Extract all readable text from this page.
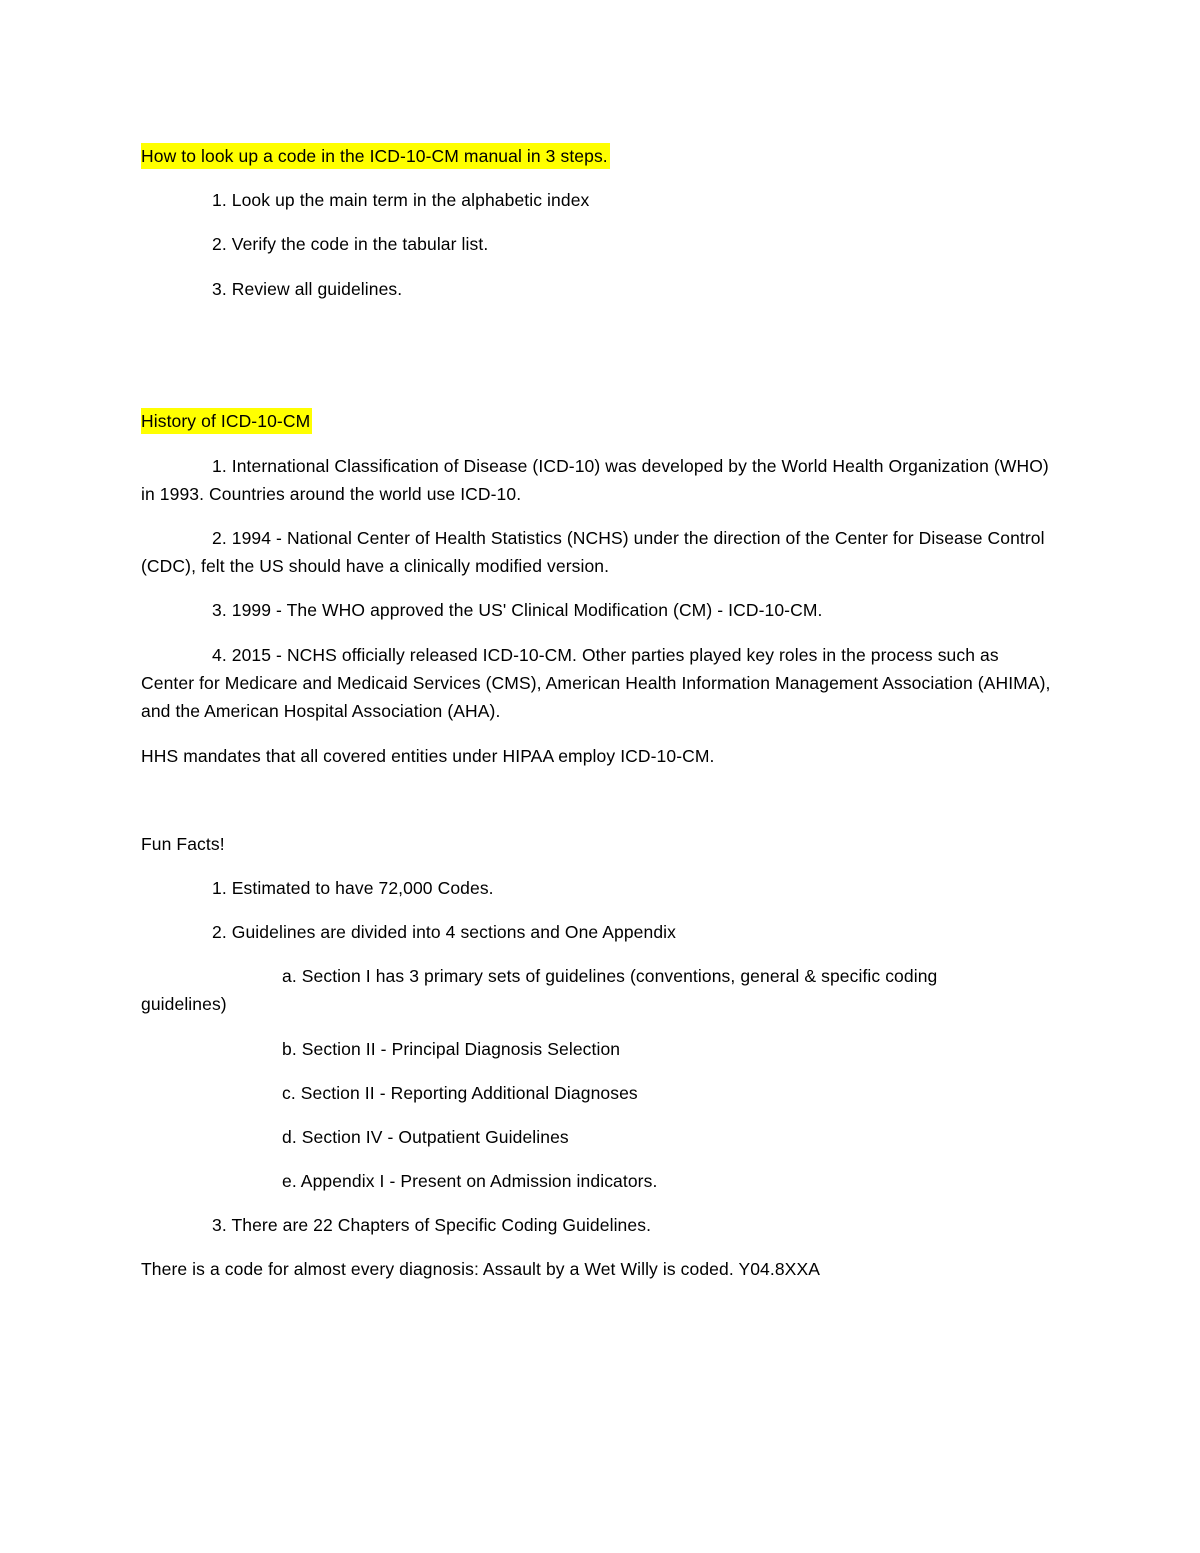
How to look up a code in the ICD-10-CM manual in 3 steps.
1. Look up the main term in the alphabetic index
2. Verify the code in the tabular list.
3. Review all guidelines.
History of ICD-10-CM
1. International Classification of Disease (ICD-10) was developed by the World Health Organization (WHO) in 1993. Countries around the world use ICD-10.
2. 1994 - National Center of Health Statistics (NCHS) under the direction of the Center for Disease Control (CDC), felt the US should have a clinically modified version.
3. 1999 - The WHO approved the US' Clinical Modification (CM) - ICD-10-CM.
4. 2015 - NCHS officially released ICD-10-CM. Other parties played key roles in the process such as Center for Medicare and Medicaid Services (CMS), American Health Information Management Association (AHIMA), and the American Hospital Association (AHA).
HHS mandates that all covered entities under HIPAA employ ICD-10-CM.
Fun Facts!
1. Estimated to have 72,000 Codes.
2. Guidelines are divided into 4 sections and One Appendix
a. Section I has 3 primary sets of guidelines (conventions, general & specific coding guidelines)
b. Section II - Principal Diagnosis Selection
c. Section II - Reporting Additional Diagnoses
d. Section IV - Outpatient Guidelines
e. Appendix I - Present on Admission indicators.
3. There are 22 Chapters of Specific Coding Guidelines.
There is a code for almost every diagnosis: Assault by a Wet Willy is coded. Y04.8XXA
